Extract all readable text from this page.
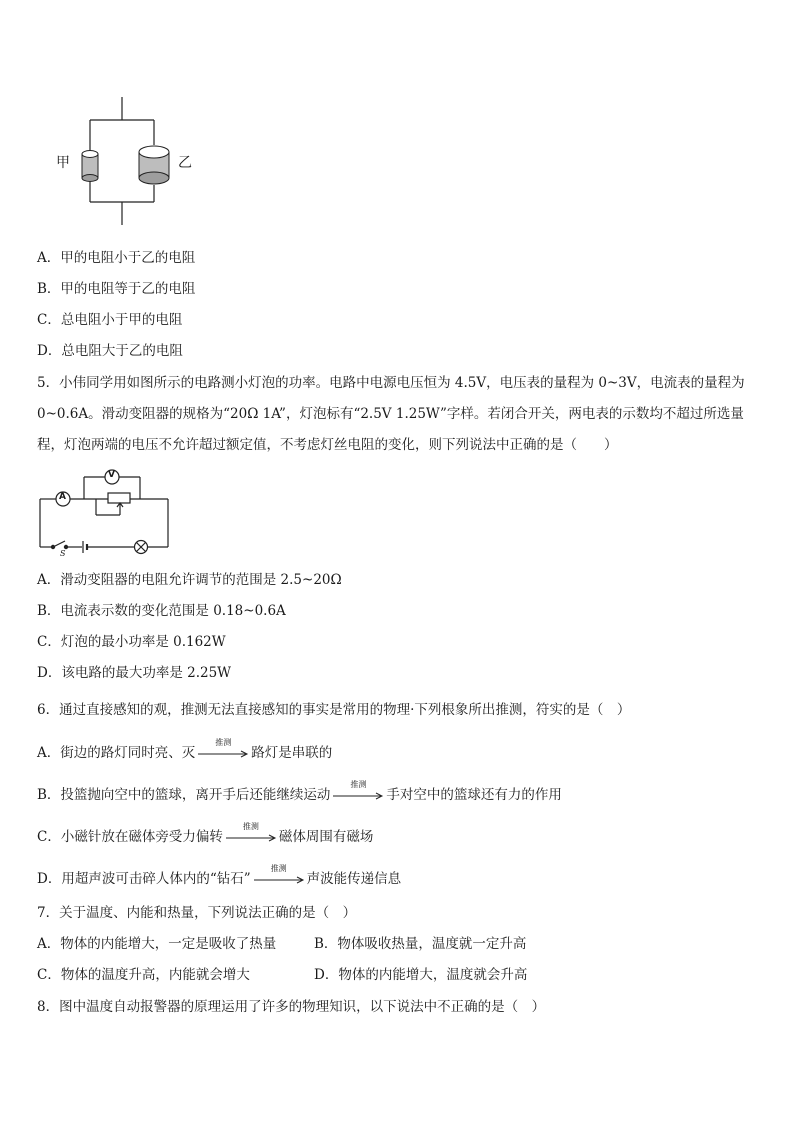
甲	乙
A．甲的电阻小于乙的电阻
B．甲的电阻等于乙的电阻
C．总电阻小于甲的电阻
D．总电阻大于乙的电阻
5．小伟同学用如图所示的电路测小灯泡的功率。电路中电源电压恒为 4.5V，电压表的量程为 0~3V，电流表的量程为
0~0.6A。滑动变阻器的规格为“20Ω 1A”，灯泡标有“2.5V 1.25W”字样。若闭合开关，两电表的示数均不超过所选量
程，灯泡两端的电压不允许超过额定值，不考虑灯丝电阻的变化，则下列说法中正确的是（　　）
A
V
S
A．滑动变阻器的电阻允许调节的范围是 2.5~20Ω
B．电流表示数的变化范围是 0.18~0.6A
C．灯泡的最小功率是 0.162W
D．该电路的最大功率是 2.25W
6．通过直接感知的观，推测无法直接感知的事实是常用的物理·下列根象所出推测，符实的是（　）
A．街边的路灯同时亮、灭
推测
路灯是串联的
B．投篮抛向空中的篮球，离开手后还能继续运动
推测
手对空中的篮球还有力的作用
C．小磁针放在磁体旁受力偏转
推测
磁体周围有磁场
D．用超声波可击碎人体内的“钻石”
推测
声波能传递信息
7．关于温度、内能和热量，下列说法正确的是（　）
A．物体的内能增大，一定是吸收了热量	B．物体吸收热量，温度就一定升高
C．物体的温度升高，内能就会增大	D．物体的内能增大，温度就会升高
8．图中温度自动报警器的原理运用了许多的物理知识，以下说法中不正确的是（　）
